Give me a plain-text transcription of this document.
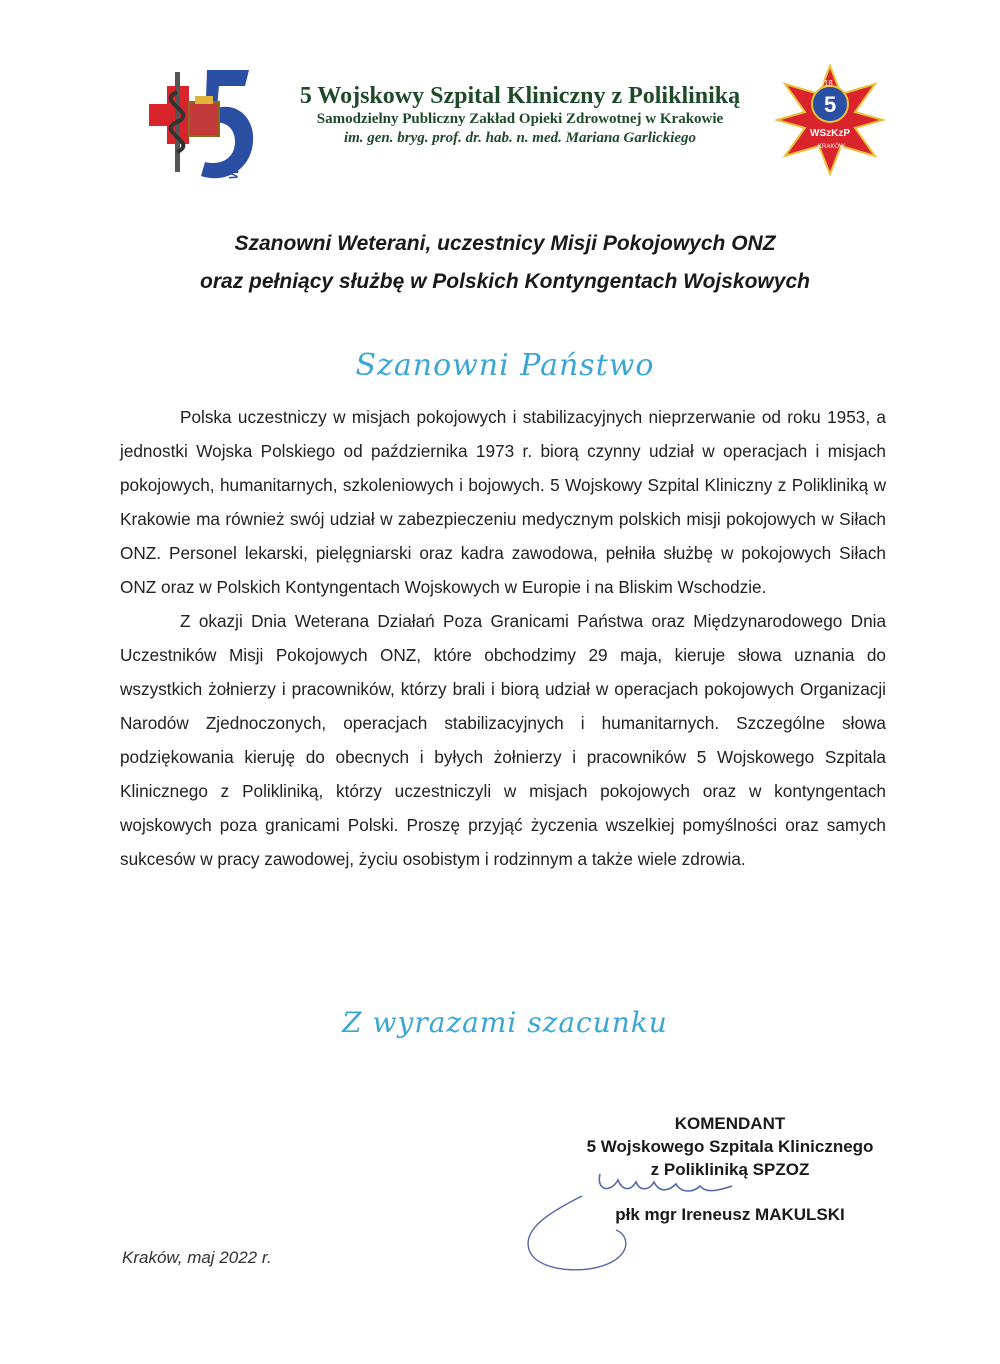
WSzKzP
5 Wojskowy Szpital Kliniczny z Polikliniką
Samodzielny Publiczny Zakład Opieki Zdrowotnej w Krakowie
im. gen. bryg. prof. dr. hab. n. med. Mariana Garlickiego
1918
WSzKzP
KRAKÓW
5
Szanowni Weterani, uczestnicy Misji Pokojowych ONZ
oraz pełniący służbę w Polskich Kontyngentach Wojskowych
Szanowni Państwo

Polska uczestniczy w misjach pokojowych i stabilizacyjnych nieprzerwanie od roku 1953, a jednostki Wojska Polskiego od października 1973 r. biorą czynny udział w operacjach i misjach pokojowych, humanitarnych, szkoleniowych i bojowych. 5 Wojskowy Szpital Kliniczny z Polikliniką w Krakowie ma również swój udział w zabezpieczeniu medycznym polskich misji pokojowych w Siłach ONZ. Personel lekarski, pielęgniarski oraz kadra zawodowa, pełniła służbę w pokojowych Siłach ONZ oraz w Polskich Kontyngentach Wojskowych w Europie i na Bliskim Wschodzie.

Z okazji Dnia Weterana Działań Poza Granicami Państwa oraz Międzynarodowego Dnia Uczestników Misji Pokojowych ONZ, które obchodzimy 29 maja, kieruje słowa uznania do wszystkich żołnierzy i pracowników, którzy brali i biorą udział w operacjach pokojowych Organizacji Narodów Zjednoczonych, operacjach stabilizacyjnych i humanitarnych. Szczególne słowa podziękowania kieruję do obecnych i byłych żołnierzy i pracowników 5 Wojskowego Szpitala Klinicznego z Polikliniką, którzy uczestniczyli w misjach pokojowych oraz w kontyngentach wojskowych poza granicami Polski. Proszę przyjąć życzenia wszelkiej pomyślności oraz samych sukcesów w pracy zawodowej, życiu osobistym i rodzinnym a także wiele zdrowia.

Z wyrazami szacunku
KOMENDANT
5 Wojskowego Szpitala Klinicznego
z Polikliniką SPZOZ
płk mgr Ireneusz MAKULSKI
Kraków, maj 2022 r.
